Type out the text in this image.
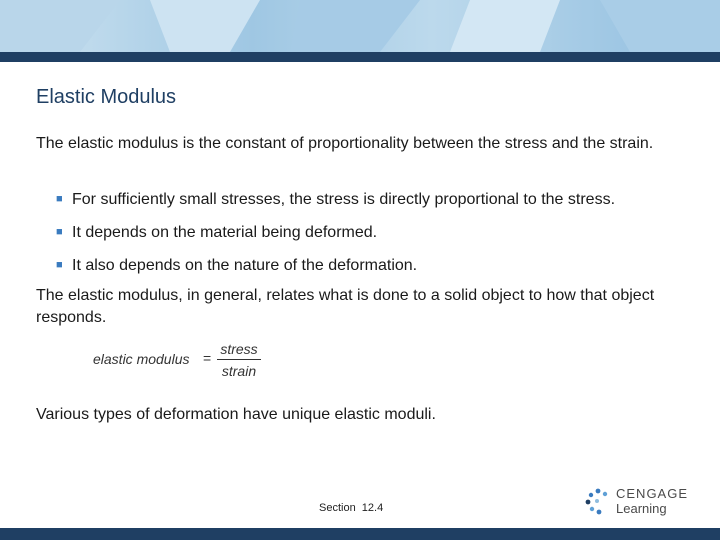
Elastic Modulus

The elastic modulus is the constant of proportionality between the stress and the strain.

■ For sufficiently small stresses, the stress is directly proportional to the stress.
■ It depends on the material being deformed.
■ It also depends on the nature of the deformation.

The elastic modulus, in general, relates what is done to a solid object to how that object responds.

elastic modulus =
stress
strain

Various types of deformation have unique elastic moduli.

Section  12.4
CENGAGE
Learning
